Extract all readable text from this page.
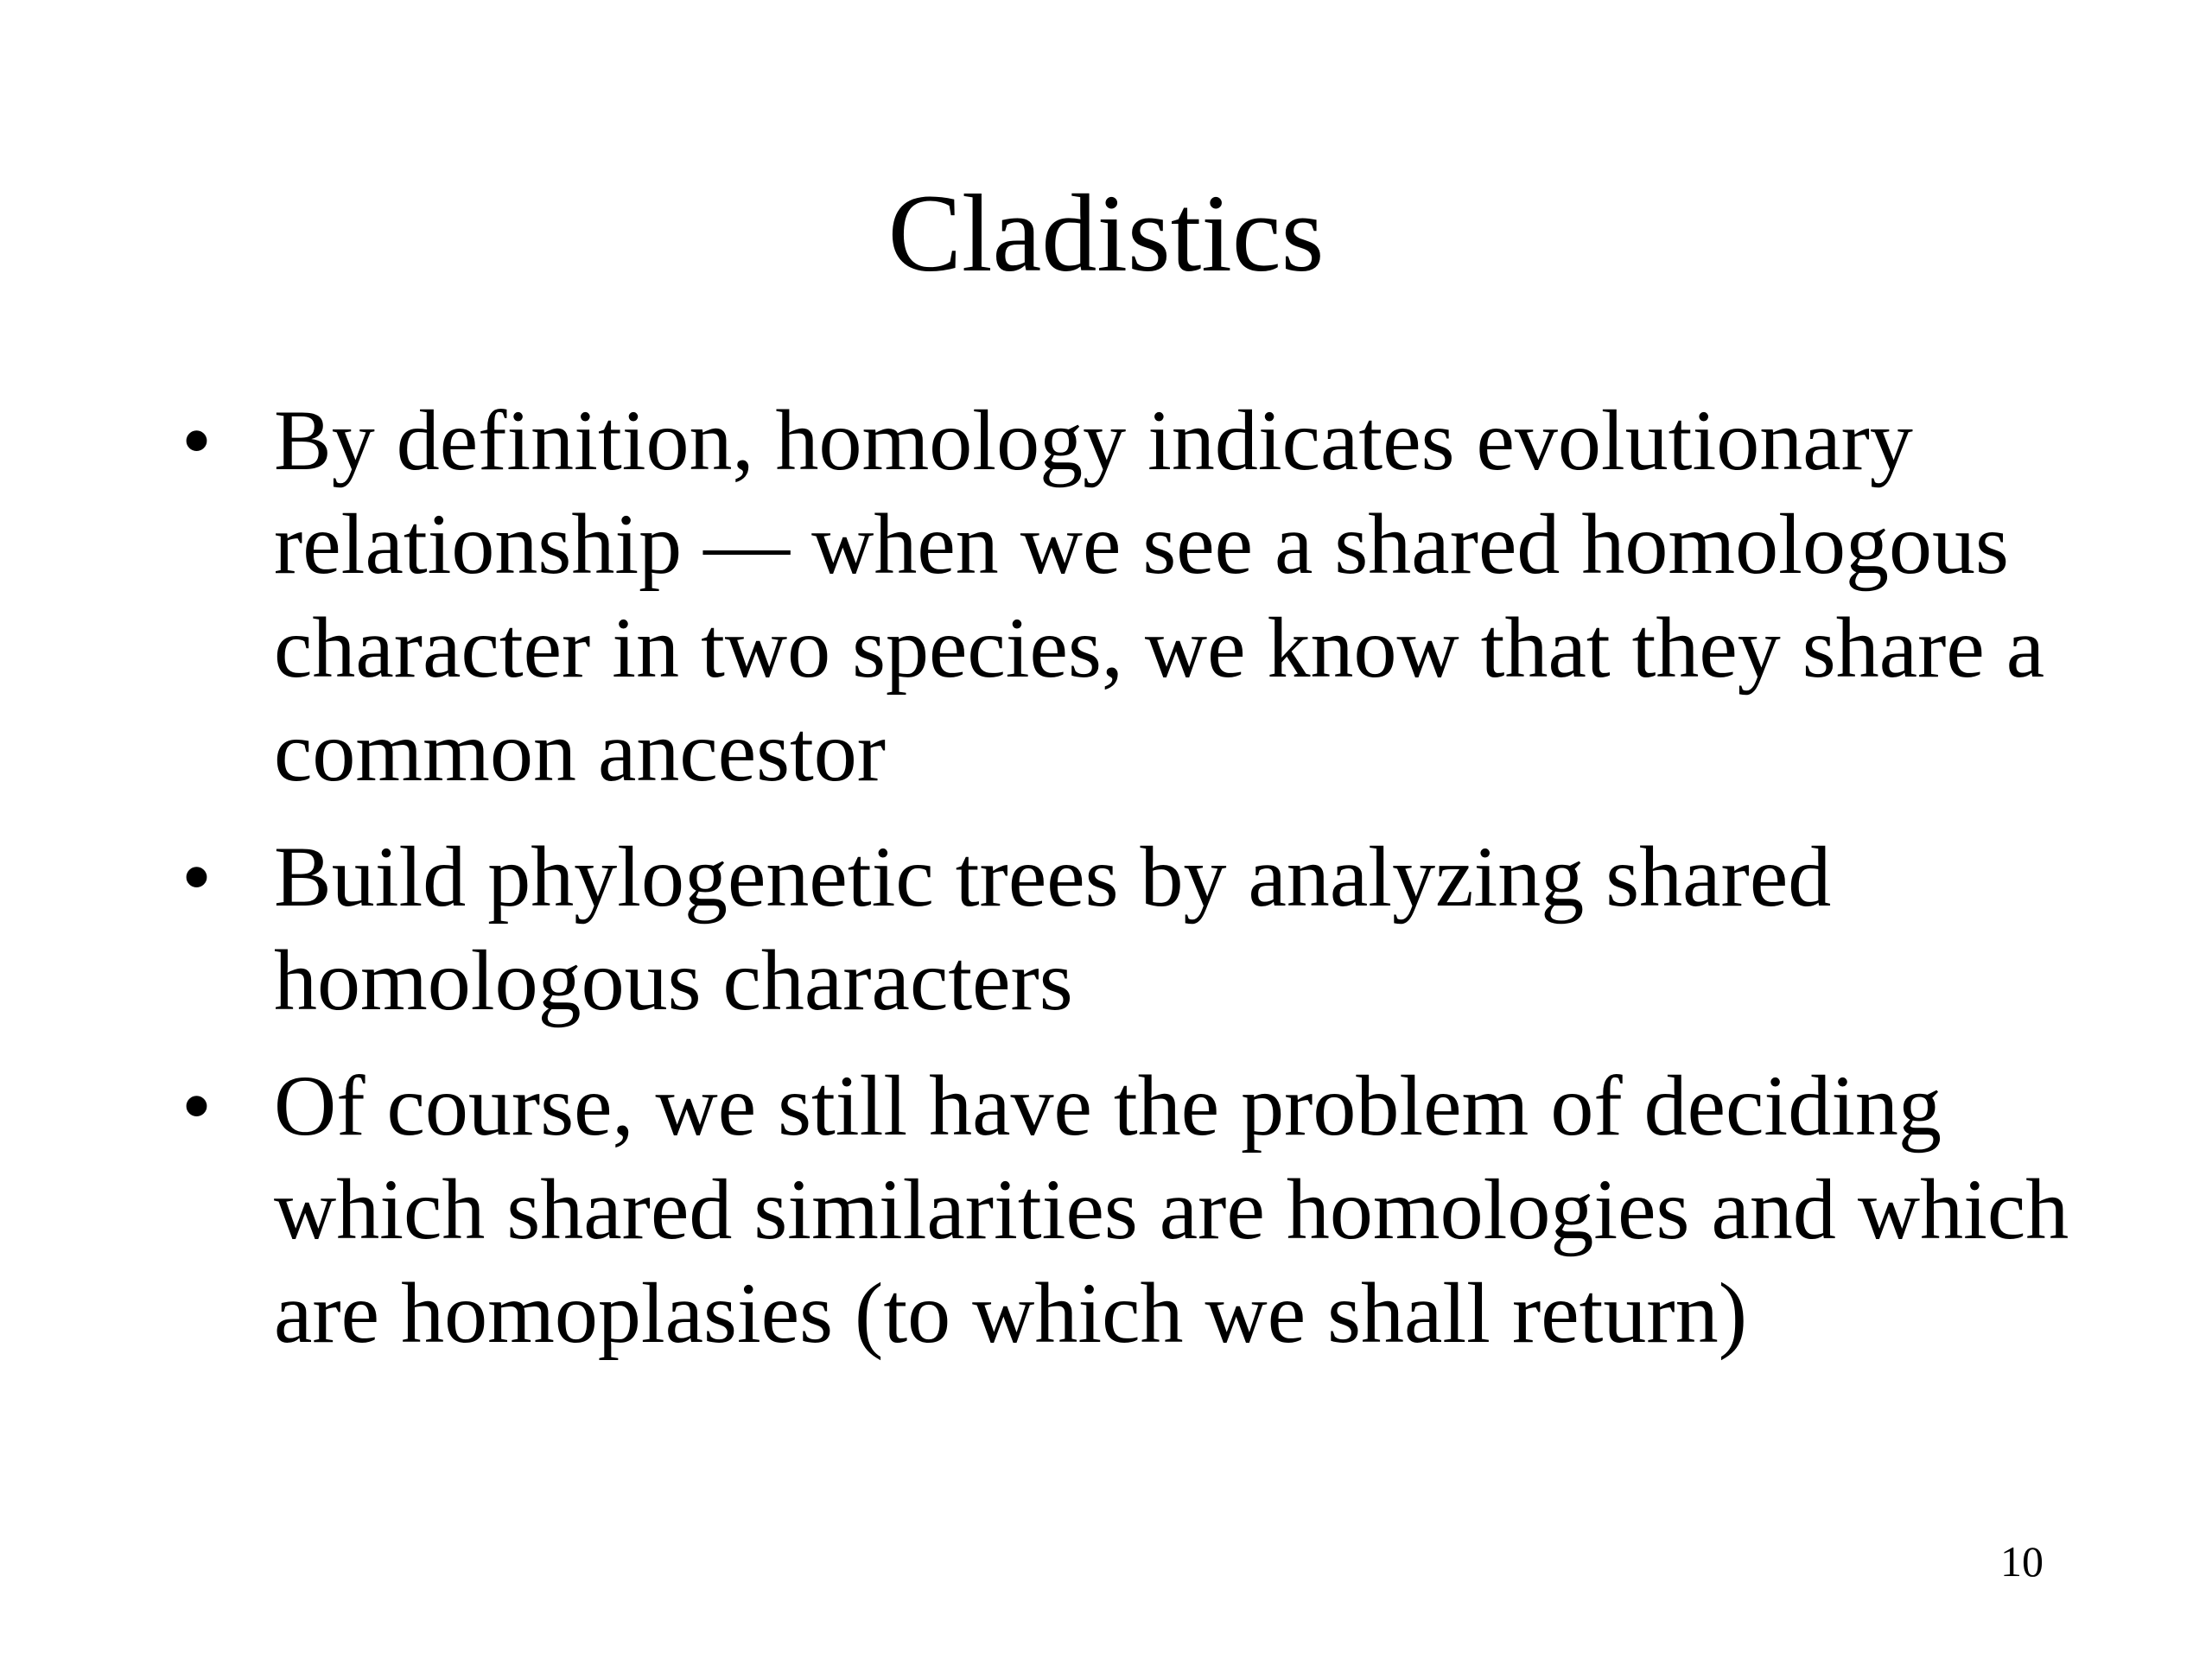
Cladistics
• By definition, homology indicates evolutionary relationship — when we see a shared homologous character in two species, we know that they share a common ancestor
• Build phylogenetic trees by analyzing shared homologous characters
• Of course, we still have the problem of deciding which shared similarities are homologies and which are homoplasies (to which we shall return)
10
